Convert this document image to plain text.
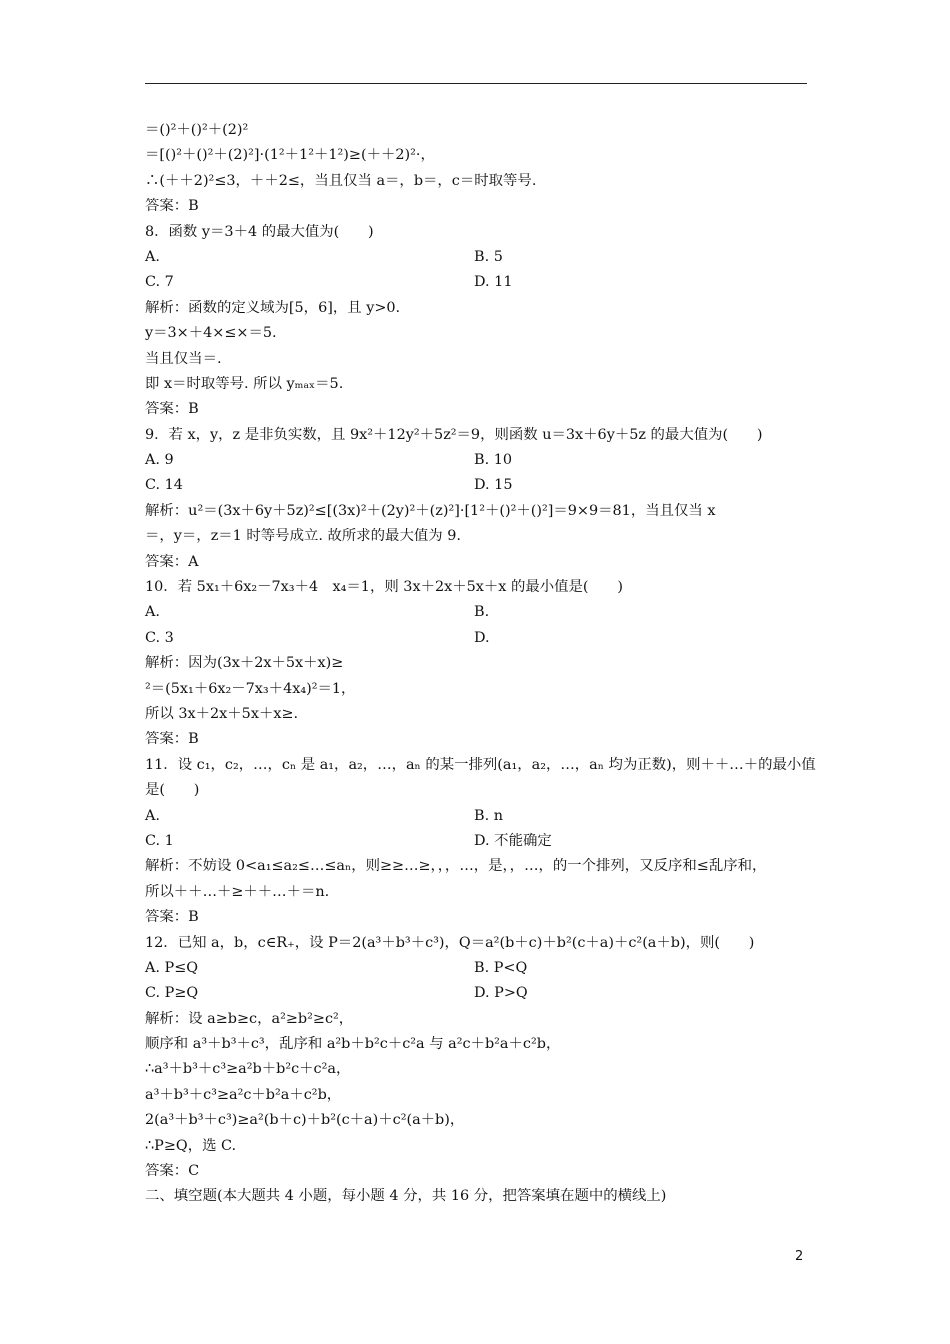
＝()²＋()²＋(2)²
＝[()²＋()²＋(2)²]·(1²＋1²＋1²)≥(＋＋2)²·，
∴(＋＋2)²≤3，＋＋2≤，当且仅当 a＝，b＝，c＝时取等号.
答案：B
8．函数 y＝3＋4 的最大值为(　　)
A.	B. 5
C. 7	D. 11
解析：函数的定义域为[5，6]，且 y>0.
y＝3×＋4×≤×＝5.
当且仅当＝.
即 x＝时取等号. 所以 yₘₐₓ＝5.
答案：B
9．若 x，y，z 是非负实数，且 9x²＋12y²＋5z²＝9，则函数 u＝3x＋6y＋5z 的最大值为(　　)
A. 9	B. 10
C. 14	D. 15
解析：u²＝(3x＋6y＋5z)²≤[(3x)²＋(2y)²＋(z)²]·[1²＋()²＋()²]＝9×9＝81，当且仅当 x
＝，y＝，z＝1 时等号成立. 故所求的最大值为 9.
答案：A
10．若 5x₁＋6x₂－7x₃＋4　x₄＝1，则 3x＋2x＋5x＋x 的最小值是(　　)
A.	B.
C. 3	D.
解析：因为(3x＋2x＋5x＋x)≥
²＝(5x₁＋6x₂－7x₃＋4x₄)²＝1，
所以 3x＋2x＋5x＋x≥.
答案：B
11．设 c₁，c₂，…，cₙ 是 a₁，a₂，…，aₙ 的某一排列(a₁，a₂，…，aₙ 均为正数)，则＋＋…＋的最小值
是(　　)
A.	B. n
C. 1	D. 不能确定
解析：不妨设 0<a₁≤a₂≤…≤aₙ，则≥≥…≥，，，…，是，，…，的一个排列，又反序和≤乱序和，
所以＋＋…＋≥＋＋…＋＝n.
答案：B
12．已知 a，b，c∈R₊，设 P＝2(a³＋b³＋c³)，Q＝a²(b＋c)＋b²(c＋a)＋c²(a＋b)，则(　　)
A. P≤Q	B. P<Q
C. P≥Q	D. P>Q
解析：设 a≥b≥c，a²≥b²≥c²，
顺序和 a³＋b³＋c³，乱序和 a²b＋b²c＋c²a 与 a²c＋b²a＋c²b，
∴a³＋b³＋c³≥a²b＋b²c＋c²a，
a³＋b³＋c³≥a²c＋b²a＋c²b，
2(a³＋b³＋c³)≥a²(b＋c)＋b²(c＋a)＋c²(a＋b)，
∴P≥Q，选 C.
答案：C
二、填空题(本大题共 4 小题，每小题 4 分，共 16 分，把答案填在题中的横线上)
2
